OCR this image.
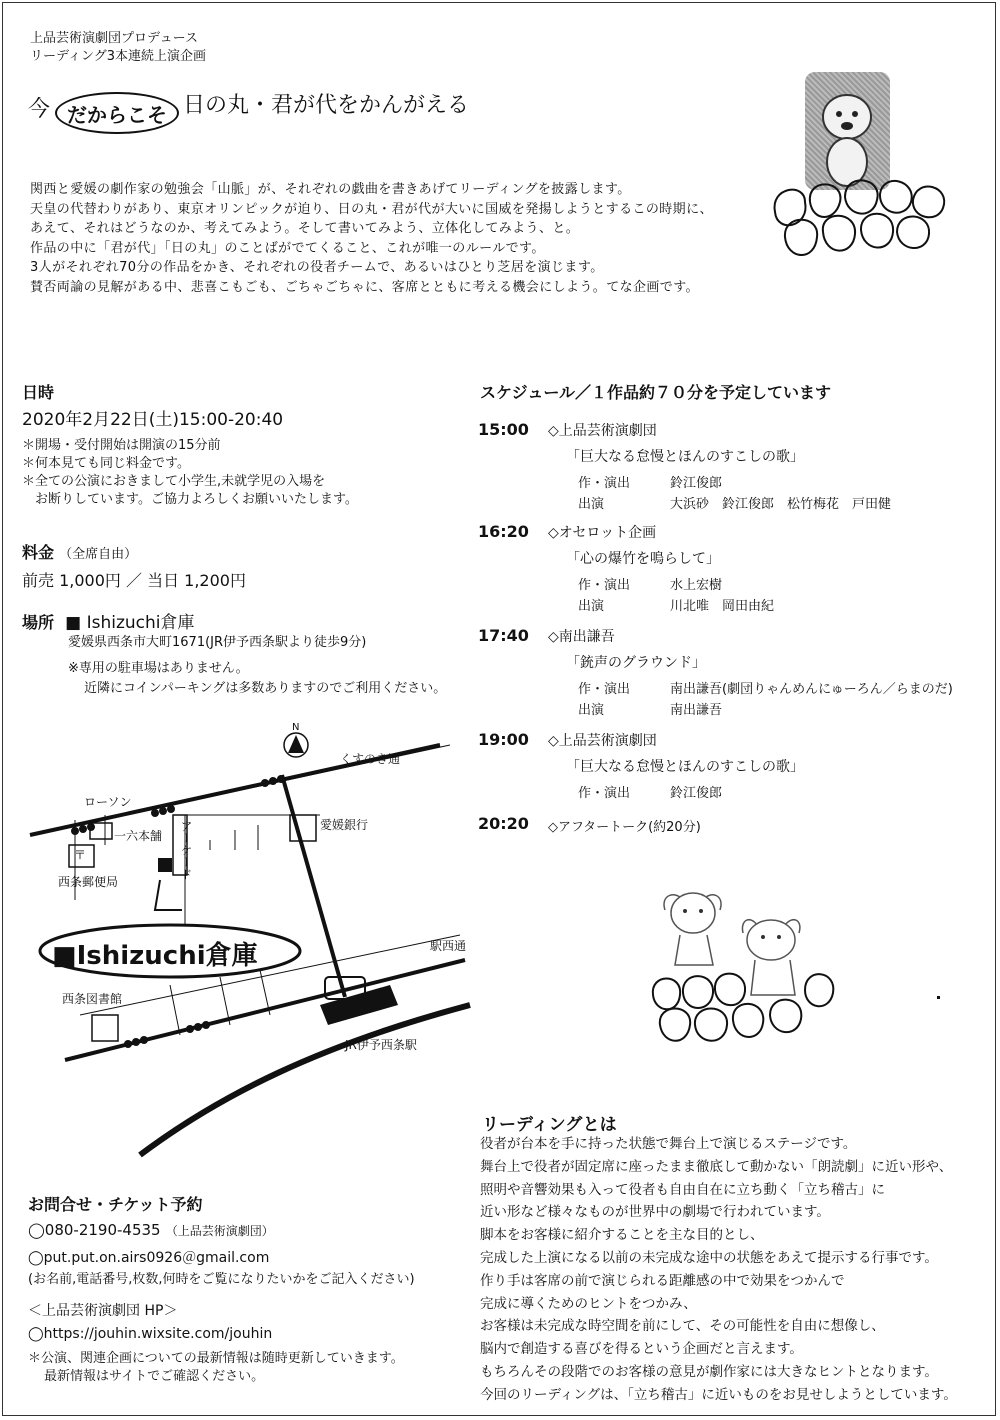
上品芸術演劇団プロデュース
リーディング3本連続上演企画
今 だからこそ 日の丸・君が代をかんがえる
関西と愛媛の劇作家の勉強会「山脈」が、それぞれの戯曲を書きあげてリーディングを披露します。
天皇の代替わりがあり、東京オリンピックが迫り、日の丸・君が代が大いに国威を発揚しようとするこの時期に、
あえて、それはどうなのか、考えてみよう。そして書いてみよう、立体化してみよう、と。
作品の中に「君が代」「日の丸」のことばがでてくること、これが唯一のルールです。
3人がそれぞれ70分の作品をかき、それぞれの役者チームで、あるいはひとり芝居を演じます。
賛否両論の見解がある中、悲喜こもごも、ごちゃごちゃに、客席とともに考える機会にしよう。てな企画です。
日時
2020年2月22日(土)15:00-20:40
＊開場・受付開始は開演の15分前
＊何本見ても同じ料金です。
＊全ての公演におきまして小学生,未就学児の入場を
　お断りしています。ご協力よろしくお願いいたします。
料金 （全席自由）
前売 1,000円 ／ 当日 1,200円
場所 ■ Ishizuchi倉庫
愛媛県西条市大町1671(JR伊予西条駅より徒歩9分)
※専用の駐車場はありません。
近隣にコインパーキングは多数ありますのでご利用ください。
N
くすのき通
ローソン
一六本舗 アーケード	愛媛銀行
〒
西条郵便局
■Ishizuchi倉庫	駅西通
西条図書館
JR伊予西条駅
スケジュール／１作品約７０分を予定しています
15:00	◇上品芸術演劇団
「巨大なる怠慢とほんのすこしの歌」
作・演出	鈴江俊郎
出演	大浜砂　鈴江俊郎　松竹梅花　戸田健
16:20	◇オセロット企画
「心の爆竹を鳴らして」
作・演出	水上宏樹
出演	川北唯　岡田由紀
17:40	◇南出謙吾
「銃声のグラウンド」
作・演出	南出謙吾(劇団りゃんめんにゅーろん／らまのだ)
出演	南出謙吾
19:00	◇上品芸術演劇団
「巨大なる怠慢とほんのすこしの歌」
作・演出	鈴江俊郎
20:20	◇アフタートーク(約20分)
リーディングとは
役者が台本を手に持った状態で舞台上で演じるステージです。
舞台上で役者が固定席に座ったまま徹底して動かない「朗読劇」に近い形や、
照明や音響効果も入って役者も自由自在に立ち動く「立ち稽古」に
近い形など様々なものが世界中の劇場で行われています。
脚本をお客様に紹介することを主な目的とし、
完成した上演になる以前の未完成な途中の状態をあえて提示する行事です。
作り手は客席の前で演じられる距離感の中で効果をつかんで
完成に導くためのヒントをつかみ、
お客様は未完成な時空間を前にして、その可能性を自由に想像し、
脳内で創造する喜びを得るという企画だと言えます。
もちろんその段階でのお客様の意見が劇作家には大きなヒントとなります。
今回のリーディングは、「立ち稽古」に近いものをお見せしようとしています。
お問合せ・チケット予約
◯080-2190-4535 （上品芸術演劇団）
◯put.put.on.airs0926＠gmail.com
(お名前,電話番号,枚数,何時をご覧になりたいかをご記入ください)
＜上品芸術演劇団 HP＞
◯https://jouhin.wixsite.com/jouhin
＊公演、関連企画についての最新情報は随時更新していきます。
最新情報はサイトでご確認ください。
